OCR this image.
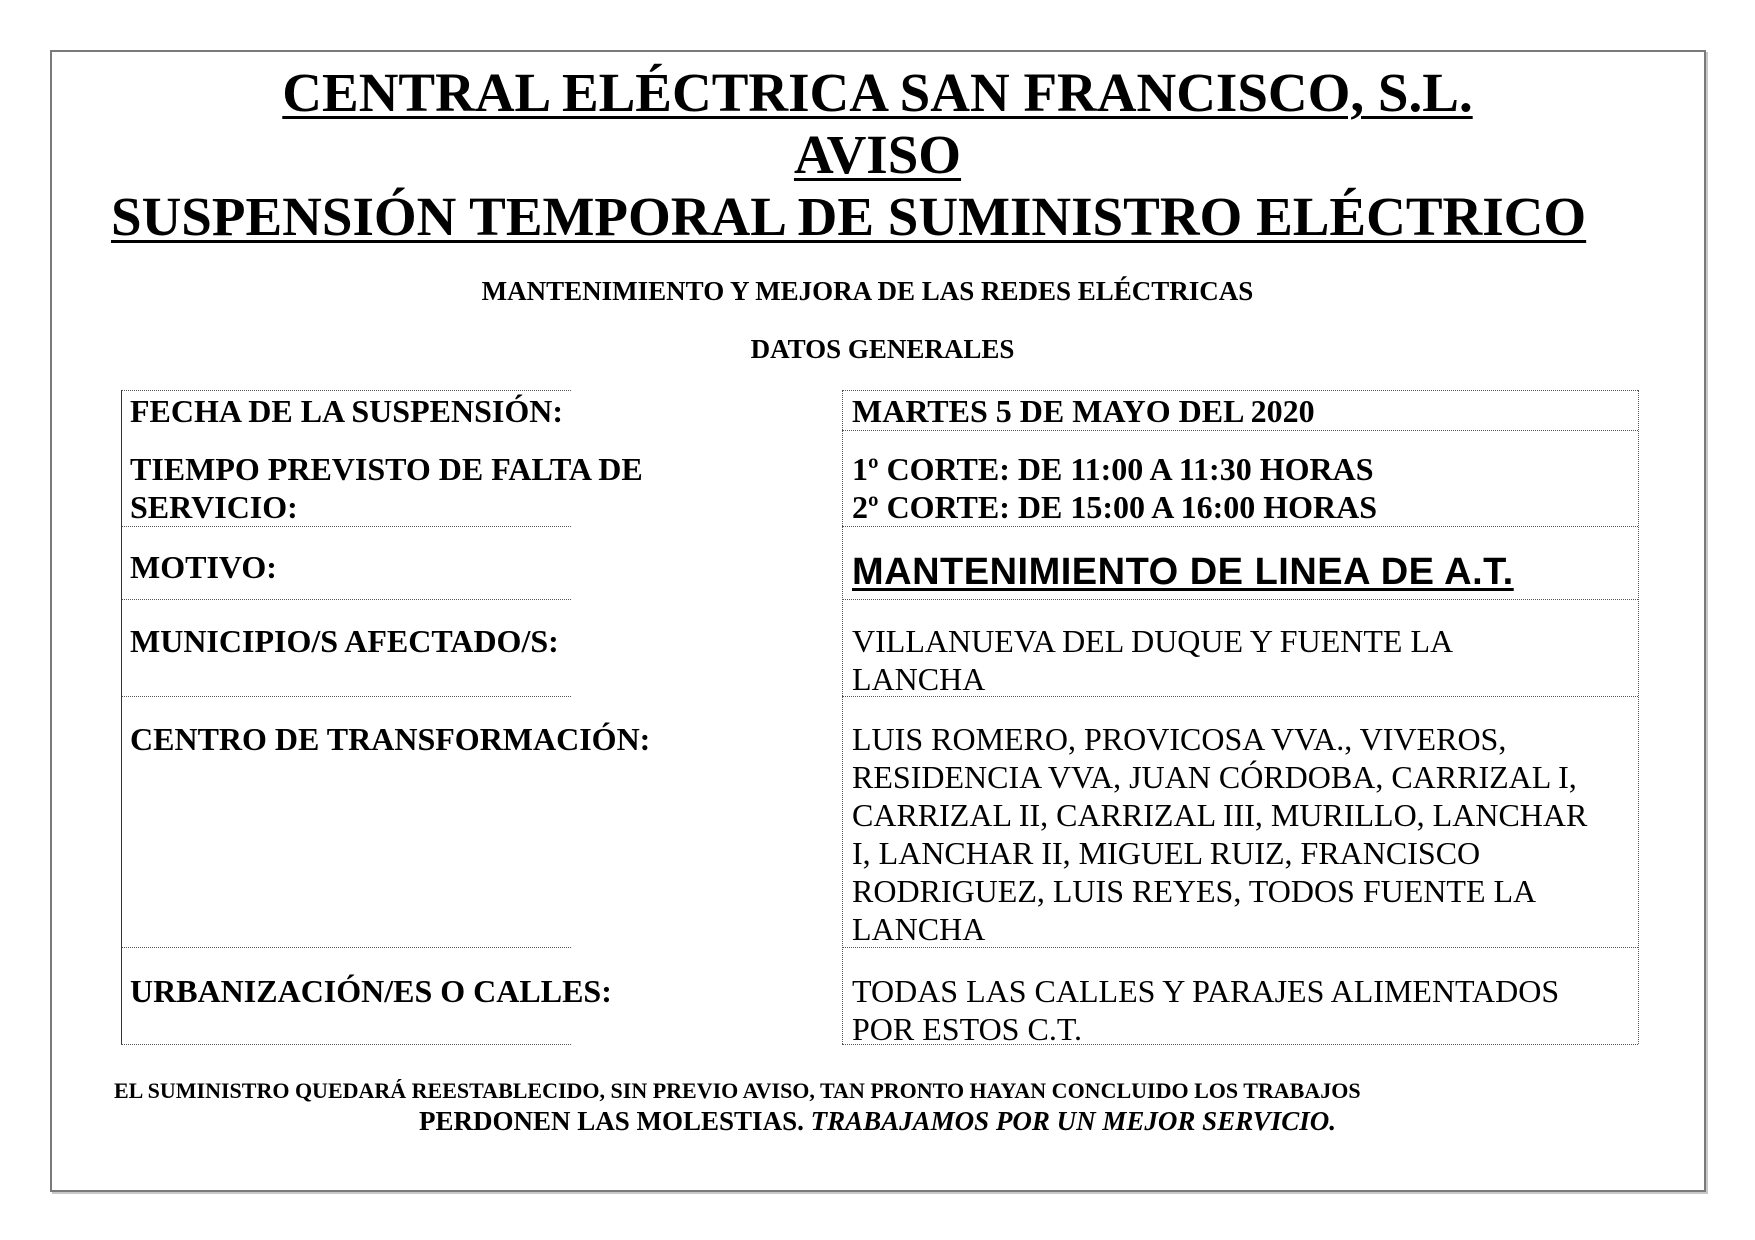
CENTRAL ELÉCTRICA SAN FRANCISCO, S.L.
AVISO
SUSPENSIÓN TEMPORAL DE SUMINISTRO ELÉCTRICO
MANTENIMIENTO Y MEJORA DE LAS REDES ELÉCTRICAS
DATOS GENERALES
FECHA DE LA SUSPENSIÓN:	MARTES 5 DE MAYO DEL 2020
TIEMPO PREVISTO DE FALTA DE
SERVICIO:
1º CORTE: DE 11:00 A 11:30 HORAS
2º CORTE: DE 15:00 A 16:00 HORAS
MOTIVO:	MANTENIMIENTO DE LINEA DE A.T.
MUNICIPIO/S AFECTADO/S:	VILLANUEVA DEL DUQUE Y FUENTE LA
LANCHA
CENTRO DE TRANSFORMACIÓN:	LUIS ROMERO, PROVICOSA VVA., VIVEROS,
RESIDENCIA VVA, JUAN CÓRDOBA, CARRIZAL I,
CARRIZAL II, CARRIZAL III, MURILLO, LANCHAR
I, LANCHAR II, MIGUEL RUIZ, FRANCISCO
RODRIGUEZ, LUIS REYES, TODOS FUENTE LA
LANCHA
URBANIZACIÓN/ES O CALLES:	TODAS LAS CALLES Y PARAJES ALIMENTADOS
POR ESTOS C.T.
EL SUMINISTRO QUEDARÁ REESTABLECIDO, SIN PREVIO AVISO, TAN PRONTO HAYAN CONCLUIDO LOS TRABAJOS
PERDONEN LAS MOLESTIAS. TRABAJAMOS POR UN MEJOR SERVICIO.
